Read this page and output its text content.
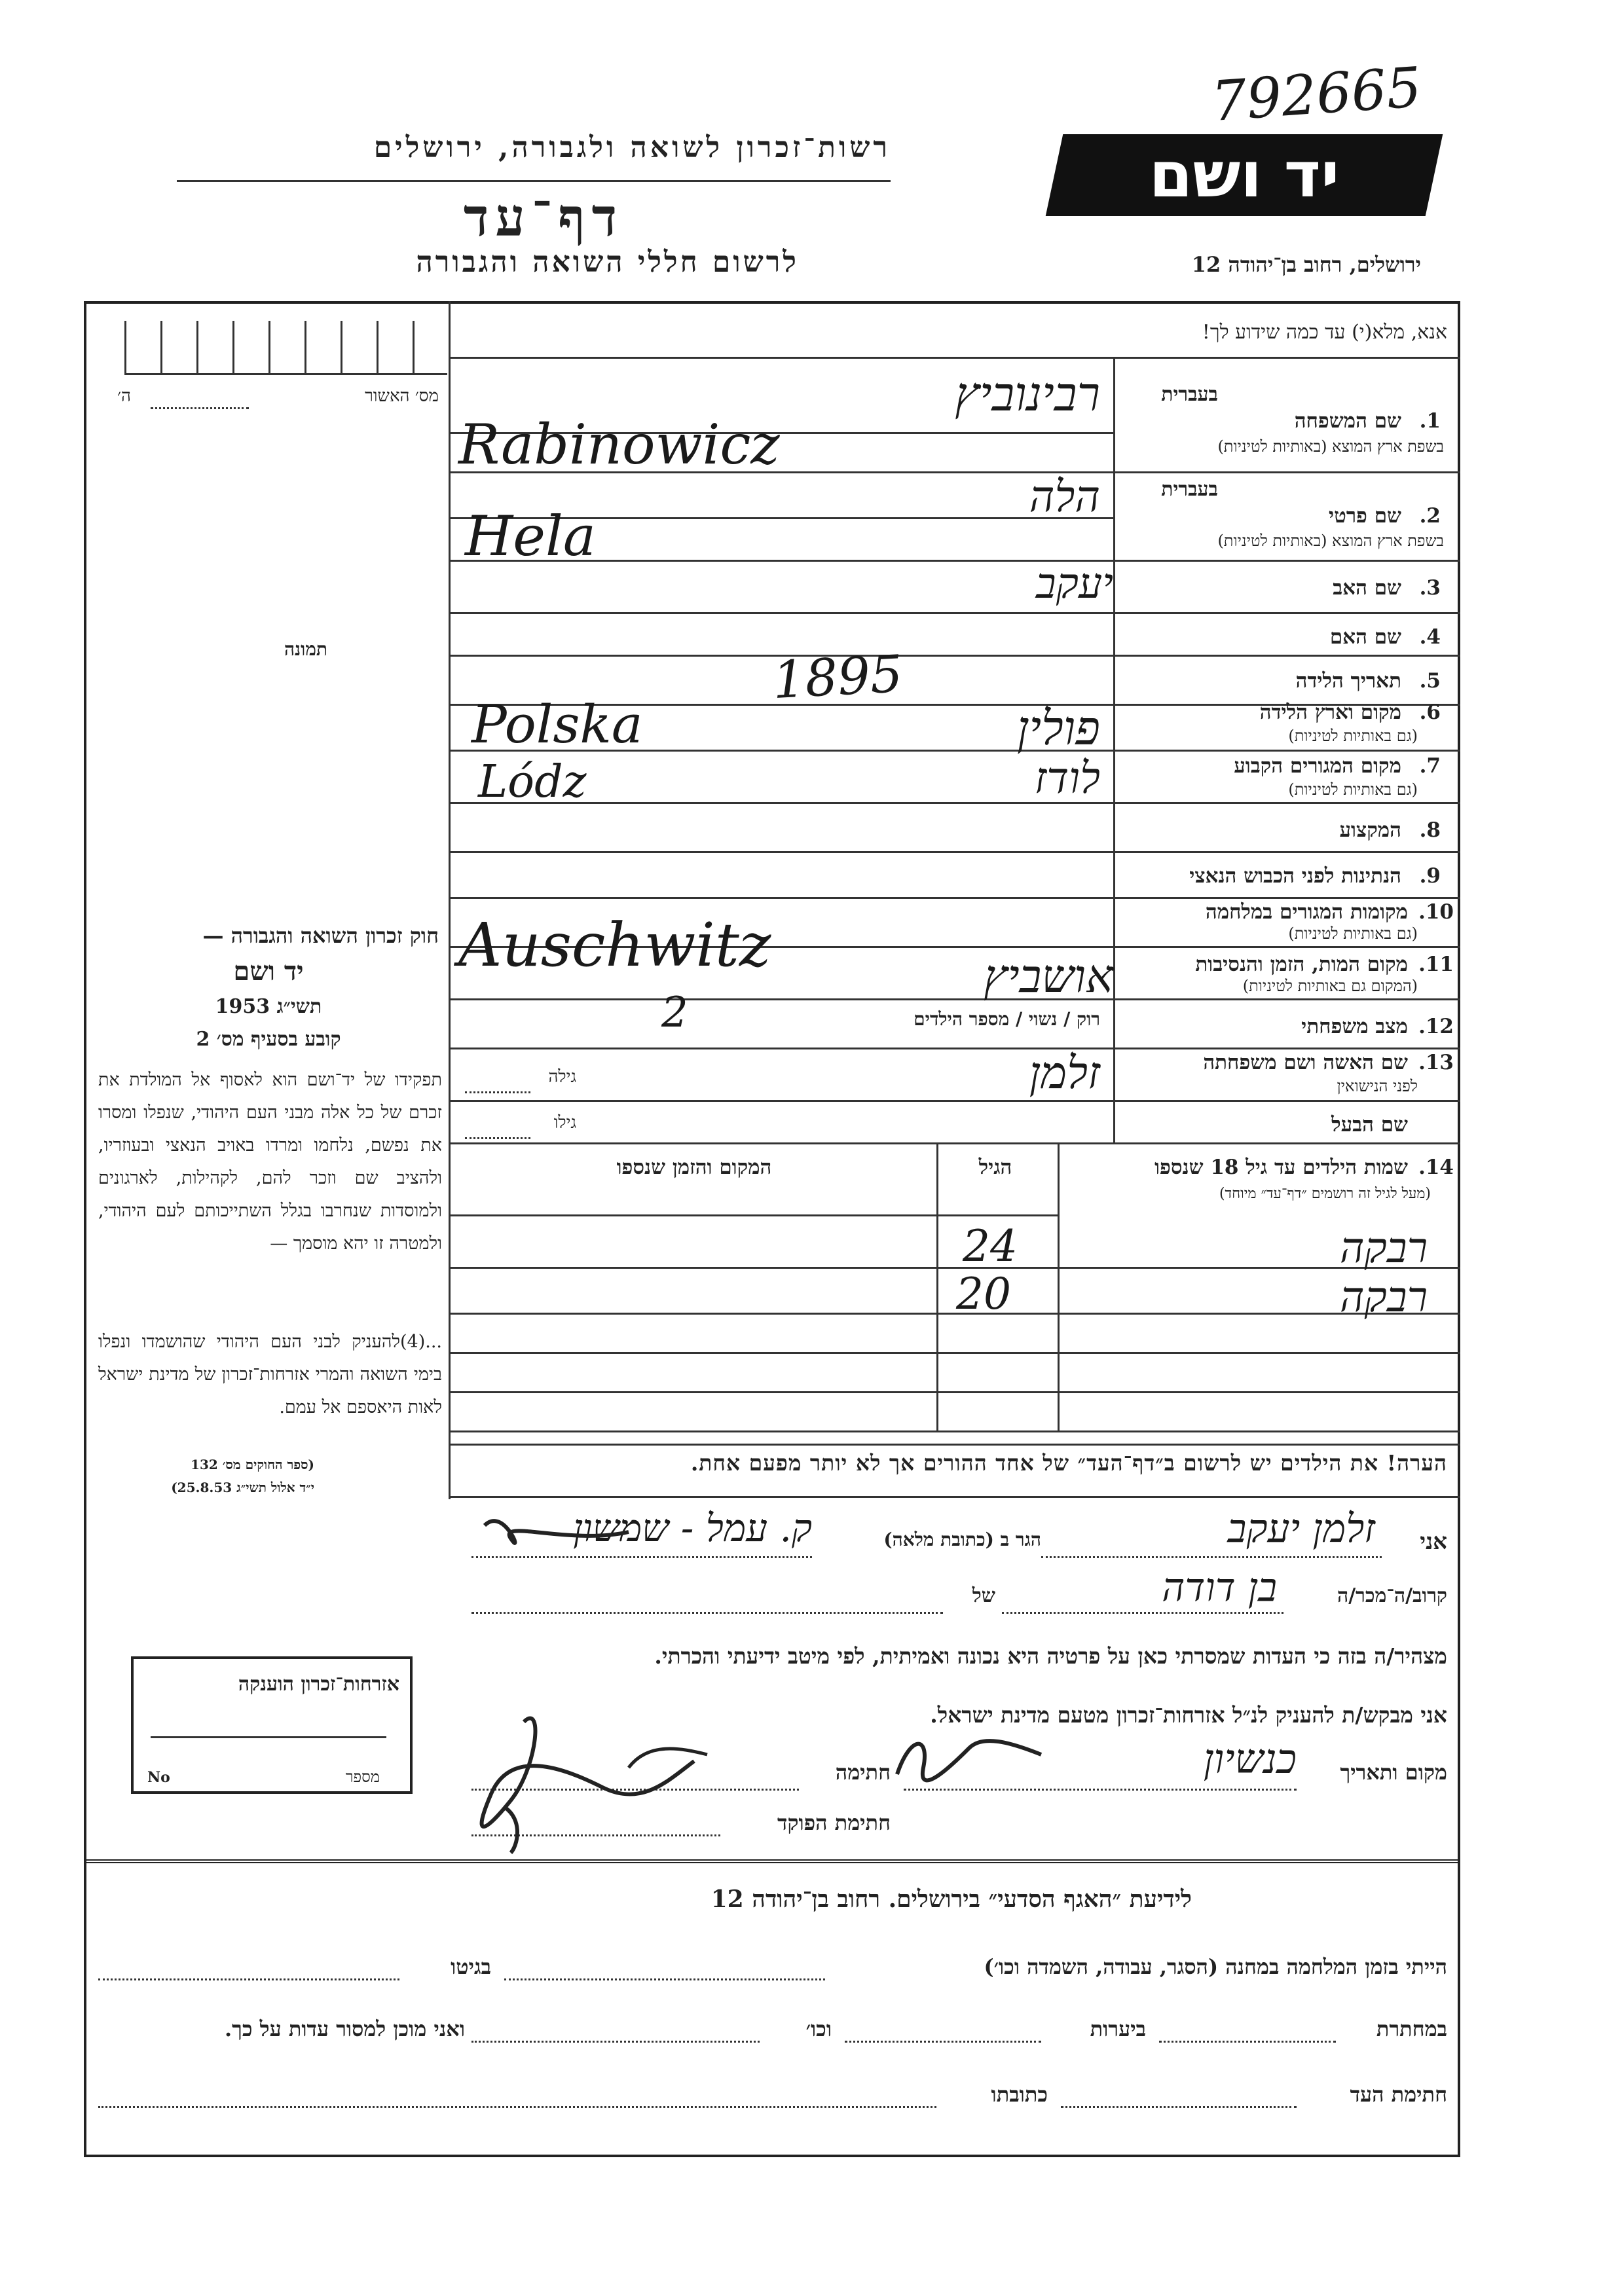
792665
יד ושם
רשות־זכרון לשואה ולגבורה, ירושלים
דף־עד
לרשום חללי השואה והגבורה	ירושלים, רחוב בן־יהודה 12
מס׳ האשור
ה׳
תמונה
חוק זכרון השואה והגבורה —
יד ושם
תשי״ג 1953
קובע בסעיף מס׳ 2
תפקידו של יד־ושם הוא לאסוף אל המולדת את זכרם של כל אלה מבני העם היהודי, שנפלו ומסרו את נפשם, נלחמו ומרדו באויב הנאצי ובעוזריו, ולהציב שם וזכר להם, לקהילות, לארגונים ולמוסדות שנחרבו בגלל השתייכותם לעם היהודי, ולמטרה זו יהא מוסמך —
...(4)להעניק לבני העם היהודי שהושמדו ונפלו בימי השואה והמרי אזרחות־זכרון של מדינת ישראל לאות היאספם אל עמם.
(ספר החוקים מס׳ 132
י״ד אלול תשי״ג 25.8.53)
אזרחות־זכרון הוענקה
מספר
No
אנא, מלא(י) עד כמה שידוע לך!
בעברית
1.
שם המשפחה
בשפת ארץ המוצא (באותיות לטיניות)
רבינוביץ
Rabinowicz
בעברית
2.
שם פרטי
בשפת ארץ המוצא (באותיות לטיניות)
הלה
Hela
3.
שם האב
יעקב
4.
שם האם
5.
תאריך הלידה
1895
6.
מקום וארץ הלידה
(גם באותיות לטיניות)
פולין
Polska
7.
מקום המגורים הקבוע
(גם באותיות לטיניות)
לודז
Lódz
8.
המקצוע
9.
הנתינות לפני הכבוש הנאצי
10.
מקומות המגורים במלחמה
(גם באותיות לטיניות)
11.
מקום המות, הזמן והנסיבות
(המקום גם באותיות לטיניות)
אושביץ
Auschwitz
12.
מצב משפחתי
רוק / נשוי / מספר הילדים
2
13.
שם האשה ושם משפחתה
לפני הנישואין
זלמן
גילה
שם הבעל
גילו
14.
שמות הילדים עד גיל 18 שנספו
(מעל לגיל זה רושמים ״דף־עד״ מיוחד)
הגיל
המקום והזמן שנספו
רבקה
24
רבקה
20
הערה! את הילדים יש לרשום ב״דף־העד״ של אחד ההורים אך לא יותר מפעם אחת.
אני
זלמן יעקב
הגר ב (כתובת מלאה)
ק. עמל - שמשון
קרוב/ה־מכר/ה
בן דודה
של
מצהיר/ה בזה כי העדות שמסרתי כאן על פרטיה היא נכונה ואמיתית, לפי מיטב ידיעתי והכרתי.
אני מבקש/ת להעניק לנ״ל אזרחות־זכרון מטעם מדינת ישראל.
מקום ותאריך
כנשיון
חתימה
חתימת הפוקד
לידיעת ״האגף הסדעי״ בירושלים. רחוב בן־יהודה 12
הייתי בזמן המלחמה במחנה (הסגר, עבודה, השמדה וכו׳)
בגיטו
במחתרת
ביערות
וכו׳
ואני מוכן למסור עדות על כך.
חתימת העד
כתובתו
